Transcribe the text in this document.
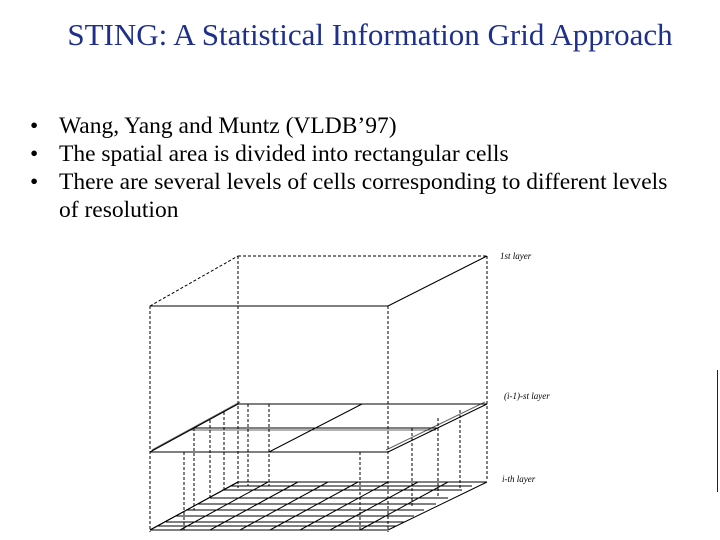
STING: A Statistical Information Grid Approach
• Wang, Yang and Muntz (VLDB’97)
• The spatial area is divided into rectangular cells
• There are several levels of cells corresponding to different levels of resolution
1st layer
(i-1)-st layer
i-th layer
